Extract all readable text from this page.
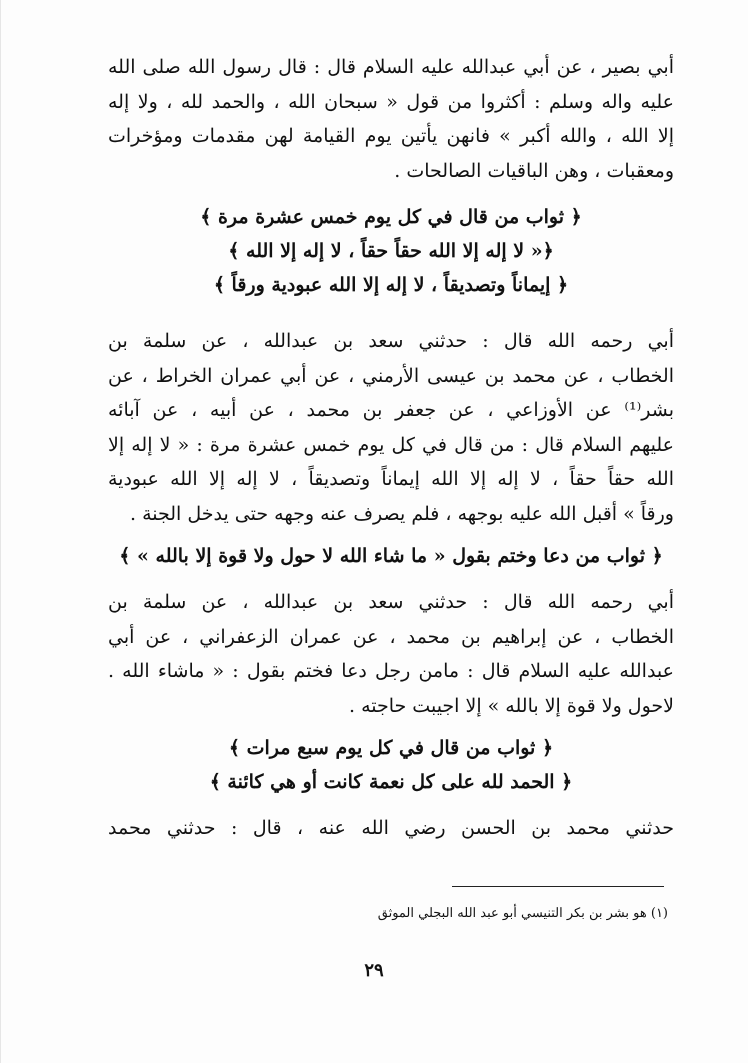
أبي بصير ، عن أبي عبدالله عليه السلام قال : قال رسول الله صلى الله
عليه واله وسلم : أكثروا من قول « سبحان الله ، والحمد لله ، ولا إله
إلا الله ، والله أكبر » فانهن يأتين يوم القيامة لهن مقدمات ومؤخرات
ومعقبات ، وهن الباقيات الصالحات .
﴿ ثواب من قال في كل يوم خمس عشرة مرة ﴾
﴿« لا إله إلا الله حقاً حقاً ، لا إله إلا الله ﴾
﴿ إيماناً وتصديقاً ، لا إله إلا الله عبودية ورقاً ﴾
أبي رحمه الله قال : حدثني سعد بن عبدالله ، عن سلمة بن
الخطاب ، عن محمد بن عيسى الأرمني ، عن أبي عمران الخراط ، عن
بشر⁽¹⁾ عن الأوزاعي ، عن جعفر بن محمد ، عن أبيه ، عن آبائه
عليهم السلام قال : من قال في كل يوم خمس عشرة مرة : « لا إله إلا
الله حقاً حقاً ، لا إله إلا الله إيماناً وتصديقاً ، لا إله إلا الله عبودية
ورقاً » أقبل الله عليه بوجهه ، فلم يصرف عنه وجهه حتى يدخل الجنة .
﴿ ثواب من دعا وختم بقول « ما شاء الله لا حول ولا قوة إلا بالله » ﴾
أبي رحمه الله قال : حدثني سعد بن عبدالله ، عن سلمة بن
الخطاب ، عن إبراهيم بن محمد ، عن عمران الزعفراني ، عن أبي
عبدالله عليه السلام قال : مامن رجل دعا فختم بقول : « ماشاء الله .
لاحول ولا قوة إلا بالله » إلا اجيبت حاجته .
﴿ ثواب من قال في كل يوم سبع مرات ﴾
﴿ الحمد لله على كل نعمة كانت أو هي كائنة ﴾
حدثني محمد بن الحسن رضي الله عنه ، قال : حدثني محمد
(١) هو بشر بن بكر التنيسي أبو عبد الله البجلي الموثق
٢٩
